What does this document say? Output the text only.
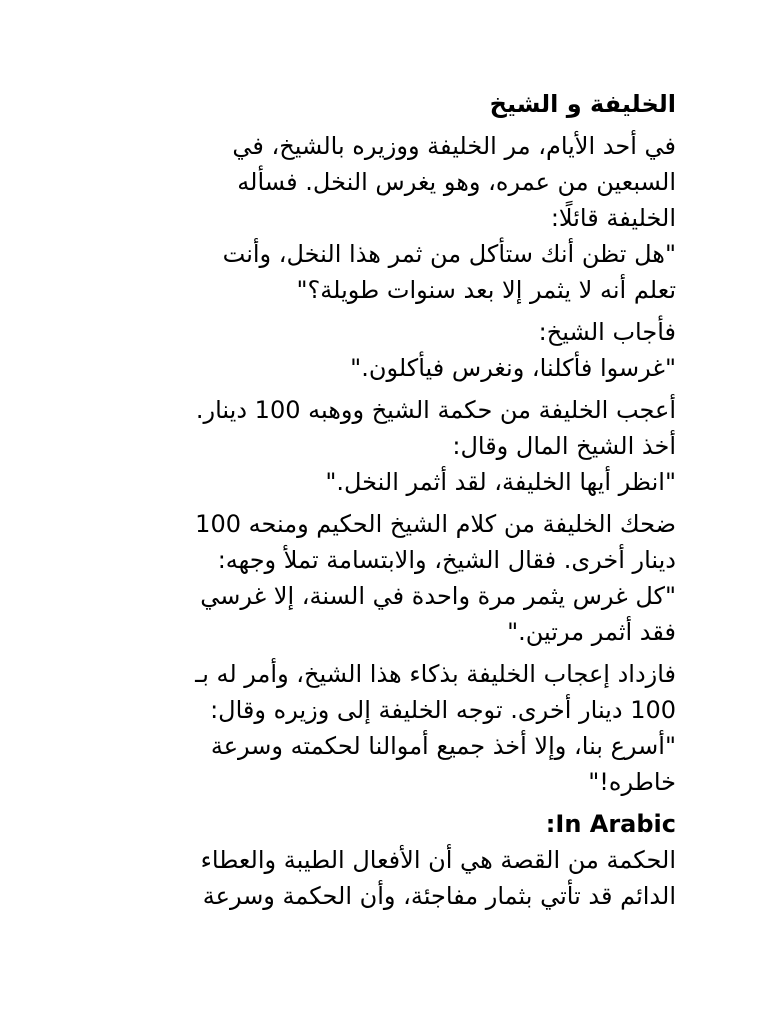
الخليفة و الشيخ
في أحد الأيام، مر الخليفة ووزيره بالشيخ، في
السبعين من عمره، وهو يغرس النخل. فسأله
الخليفة قائلًا:
"هل تظن أنك ستأكل من ثمر هذا النخل، وأنت
تعلم أنه لا يثمر إلا بعد سنوات طويلة؟"
فأجاب الشيخ:
"غرسوا فأكلنا، ونغرس فيأكلون."
أعجب الخليفة من حكمة الشيخ ووهبه 100 دينار.
أخذ الشيخ المال وقال:
"انظر أيها الخليفة، لقد أثمر النخل."
ضحك الخليفة من كلام الشيخ الحكيم ومنحه 100
دينار أخرى. فقال الشيخ، والابتسامة تملأ وجهه:
"كل غرس يثمر مرة واحدة في السنة، إلا غرسي
فقد أثمر مرتين."
فازداد إعجاب الخليفة بذكاء هذا الشيخ، وأمر له بـ
100 دينار أخرى. توجه الخليفة إلى وزيره وقال:
"أسرع بنا، وإلا أخذ جميع أموالنا لحكمته وسرعة
خاطره!"
In Arabic:
الحكمة من القصة هي أن الأفعال الطيبة والعطاء
الدائم قد تأتي بثمار مفاجئة، وأن الحكمة وسرعة
